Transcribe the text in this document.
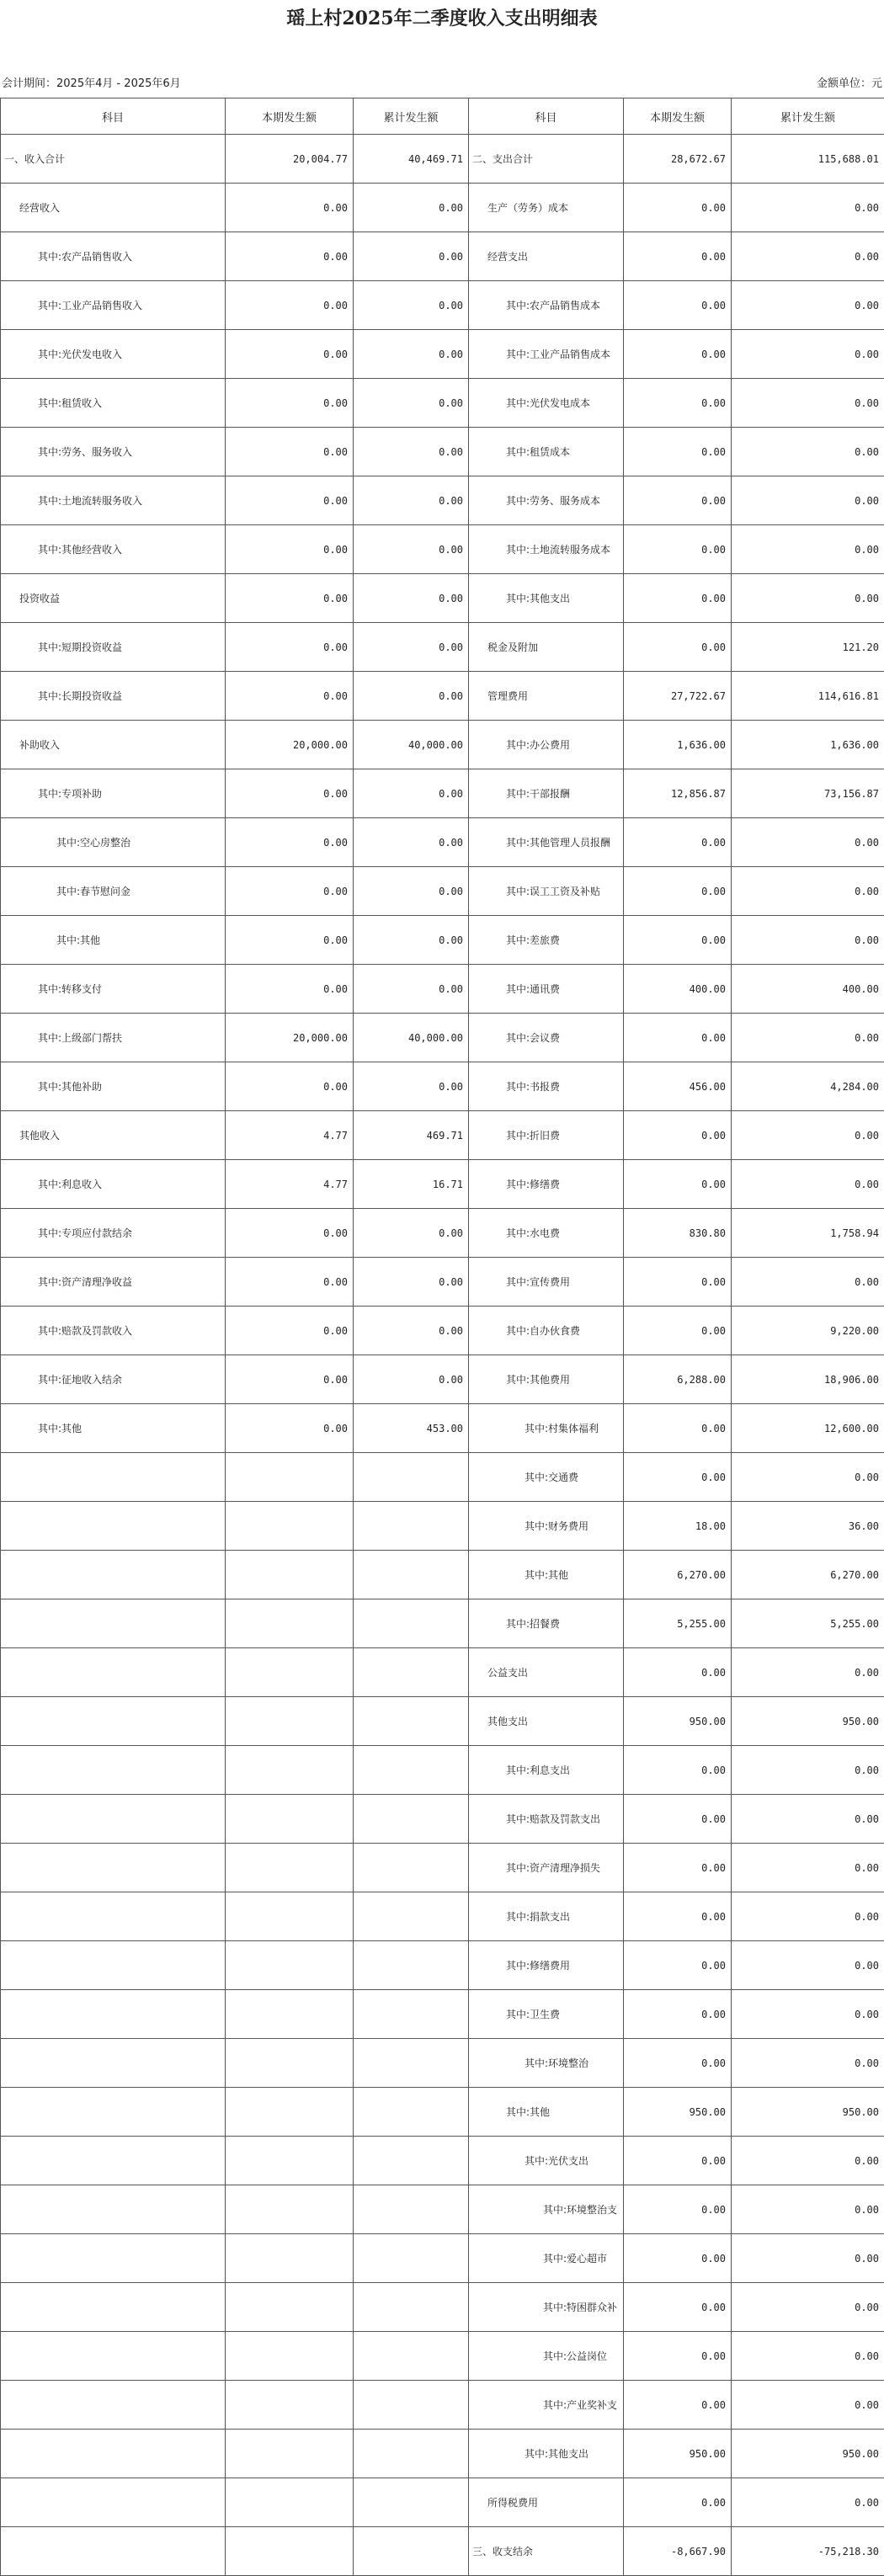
瑶上村2025年二季度收入支出明细表
会计期间：2025年4月 - 2025年6月	金额单位：元
科目	本期发生额	累计发生额	科目	本期发生额	累计发生额
一、收入合计	20,004.77	40,469.71	二、支出合计	28,672.67	115,688.01
经营收入	0.00	0.00	生产（劳务）成本	0.00	0.00
其中:农产品销售收入	0.00	0.00	经营支出	0.00	0.00
其中:工业产品销售收入	0.00	0.00	其中:农产品销售成本	0.00	0.00
其中:光伏发电收入	0.00	0.00	其中:工业产品销售成本	0.00	0.00
其中:租赁收入	0.00	0.00	其中:光伏发电成本	0.00	0.00
其中:劳务、服务收入	0.00	0.00	其中:租赁成本	0.00	0.00
其中:土地流转服务收入	0.00	0.00	其中:劳务、服务成本	0.00	0.00
其中:其他经营收入	0.00	0.00	其中:土地流转服务成本	0.00	0.00
投资收益	0.00	0.00	其中:其他支出	0.00	0.00
其中:短期投资收益	0.00	0.00	税金及附加	0.00	121.20
其中:长期投资收益	0.00	0.00	管理费用	27,722.67	114,616.81
补助收入	20,000.00	40,000.00	其中:办公费用	1,636.00	1,636.00
其中:专项补助	0.00	0.00	其中:干部报酬	12,856.87	73,156.87
其中:空心房整治	0.00	0.00	其中:其他管理人员报酬	0.00	0.00
其中:春节慰问金	0.00	0.00	其中:误工工资及补贴	0.00	0.00
其中:其他	0.00	0.00	其中:差旅费	0.00	0.00
其中:转移支付	0.00	0.00	其中:通讯费	400.00	400.00
其中:上级部门帮扶	20,000.00	40,000.00	其中:会议费	0.00	0.00
其中:其他补助	0.00	0.00	其中:书报费	456.00	4,284.00
其他收入	4.77	469.71	其中:折旧费	0.00	0.00
其中:利息收入	4.77	16.71	其中:修缮费	0.00	0.00
其中:专项应付款结余	0.00	0.00	其中:水电费	830.80	1,758.94
其中:资产清理净收益	0.00	0.00	其中:宣传费用	0.00	0.00
其中:赔款及罚款收入	0.00	0.00	其中:自办伙食费	0.00	9,220.00
其中:征地收入结余	0.00	0.00	其中:其他费用	6,288.00	18,906.00
其中:其他	0.00	453.00	其中:村集体福利	0.00	12,600.00
			其中:交通费	0.00	0.00
			其中:财务费用	18.00	36.00
			其中:其他	6,270.00	6,270.00
			其中:招餐费	5,255.00	5,255.00
			公益支出	0.00	0.00
			其他支出	950.00	950.00
			其中:利息支出	0.00	0.00
			其中:赔款及罚款支出	0.00	0.00
			其中:资产清理净损失	0.00	0.00
			其中:捐款支出	0.00	0.00
			其中:修缮费用	0.00	0.00
			其中:卫生费	0.00	0.00
			其中:环境整治	0.00	0.00
			其中:其他	950.00	950.00
			其中:光伏支出	0.00	0.00
			其中:环境整治支	0.00	0.00
			其中:爱心超市	0.00	0.00
			其中:特困群众补	0.00	0.00
			其中:公益岗位	0.00	0.00
			其中:产业奖补支	0.00	0.00
			其中:其他支出	950.00	950.00
			所得税费用	0.00	0.00
			三、收支结余	-8,667.90	-75,218.30
